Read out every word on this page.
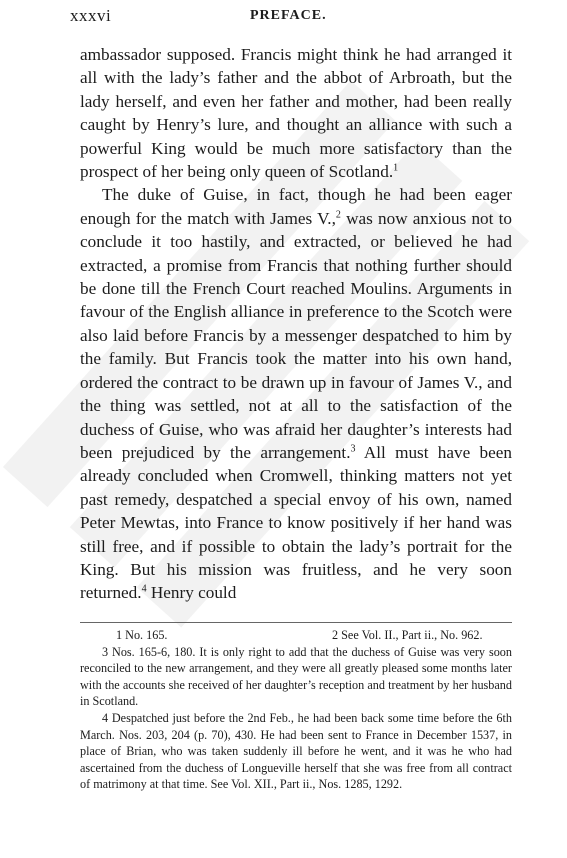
xxxvi	PREFACE.

ambassador supposed. Francis might think he had arranged it all with the lady’s father and the abbot of Arbroath, but the lady herself, and even her father and mother, had been really caught by Henry’s lure, and thought an alliance with such a powerful King would be much more satisfactory than the prospect of her being only queen of Scotland.$^1$

The duke of Guise, in fact, though he had been eager enough for the match with James V.,$^2$ was now anxious not to conclude it too hastily, and extracted, or believed he had extracted, a promise from Francis that nothing further should be done till the French Court reached Moulins. Arguments in favour of the English alliance in preference to the Scotch were also laid before Francis by a messenger despatched to him by the family. But Francis took the matter into his own hand, ordered the contract to be drawn up in favour of James V., and the thing was settled, not at all to the satisfaction of the duchess of Guise, who was afraid her daughter’s interests had been prejudiced by the arrangement.$^3$ All must have been already concluded when Cromwell, thinking matters not yet past remedy, despatched a special envoy of his own, named Peter Mewtas, into France to know positively if her hand was still free, and if possible to obtain the lady’s portrait for the King. But his mission was fruitless, and he very soon returned.$^4$ Henry could

1 No. 165.	2 See Vol. II., Part ii., No. 962.

3 Nos. 165-6, 180. It is only right to add that the duchess of Guise was very soon reconciled to the new arrangement, and they were all greatly pleased some months later with the accounts she received of her daughter’s reception and treatment by her husband in Scotland.

4 Despatched just before the 2nd Feb., he had been back some time before the 6th March. Nos. 203, 204 (p. 70), 430. He had been sent to France in December 1537, in place of Brian, who was taken suddenly ill before he went, and it was he who had ascertained from the duchess of Longueville herself that she was free from all contract of matrimony at that time. See Vol. XII., Part ii., Nos. 1285, 1292.
